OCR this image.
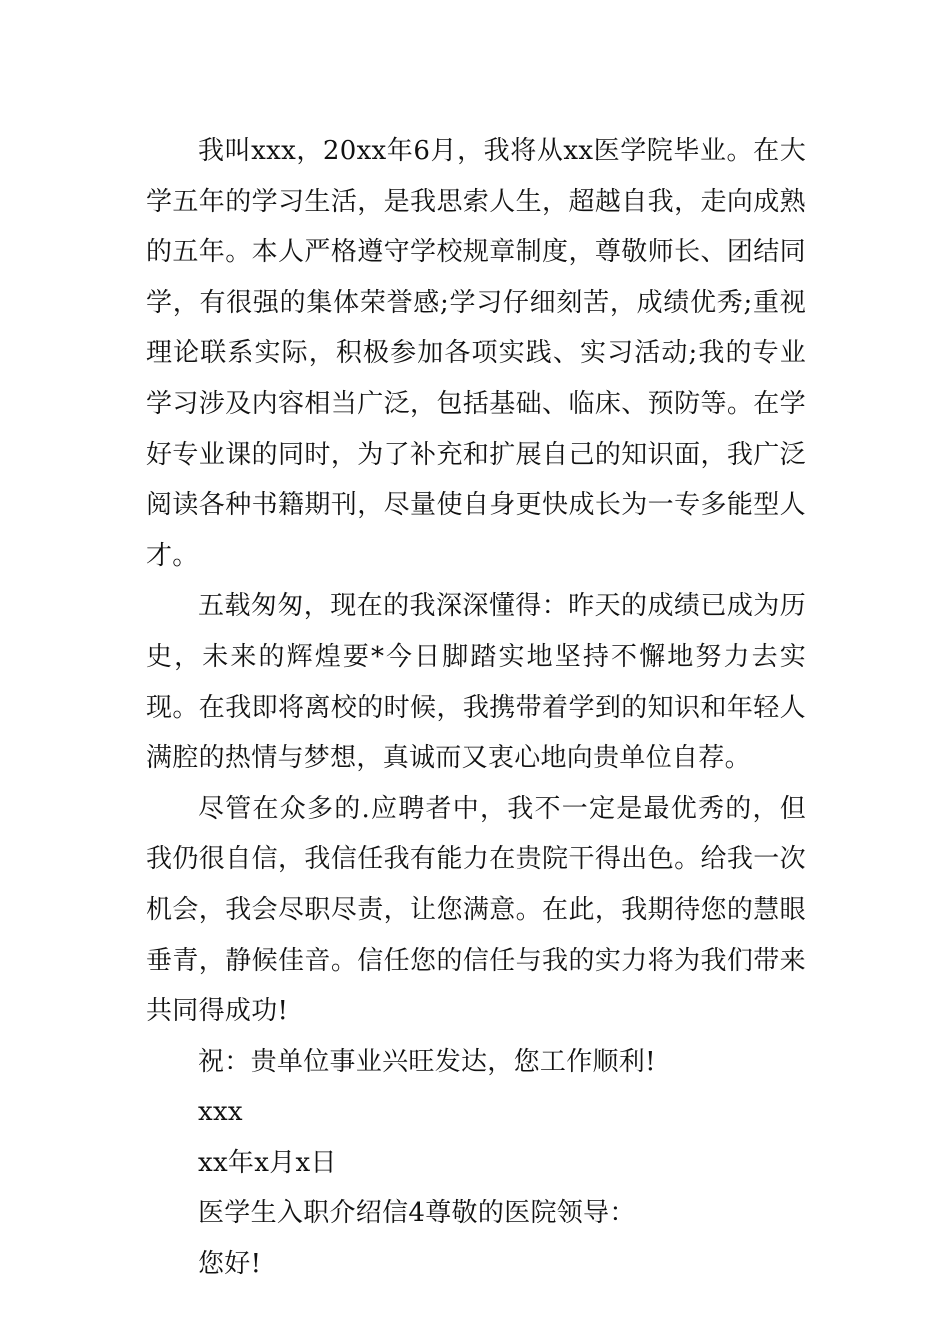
我叫xxx，20xx年6月，我将从xx医学院毕业。在大学五年的学习生活，是我思索人生，超越自我，走向成熟的五年。本人严格遵守学校规章制度，尊敬师长、团结同学，有很强的集体荣誉感;学习仔细刻苦，成绩优秀;重视理论联系实际，积极参加各项实践、实习活动;我的专业学习涉及内容相当广泛，包括基础、临床、预防等。在学好专业课的同时，为了补充和扩展自己的知识面，我广泛阅读各种书籍期刊，尽量使自身更快成长为一专多能型人才。

五载匆匆，现在的我深深懂得：昨天的成绩已成为历史，未来的辉煌要*今日脚踏实地坚持不懈地努力去实现。在我即将离校的时候，我携带着学到的知识和年轻人满腔的热情与梦想，真诚而又衷心地向贵单位自荐。

尽管在众多的.应聘者中，我不一定是最优秀的，但我仍很自信，我信任我有能力在贵院干得出色。给我一次机会，我会尽职尽责，让您满意。在此，我期待您的慧眼垂青，静候佳音。信任您的信任与我的实力将为我们带来共同得成功!

祝：贵单位事业兴旺发达，您工作顺利!

xxx

xx年x月x日

医学生入职介绍信4尊敬的医院领导：

您好!
